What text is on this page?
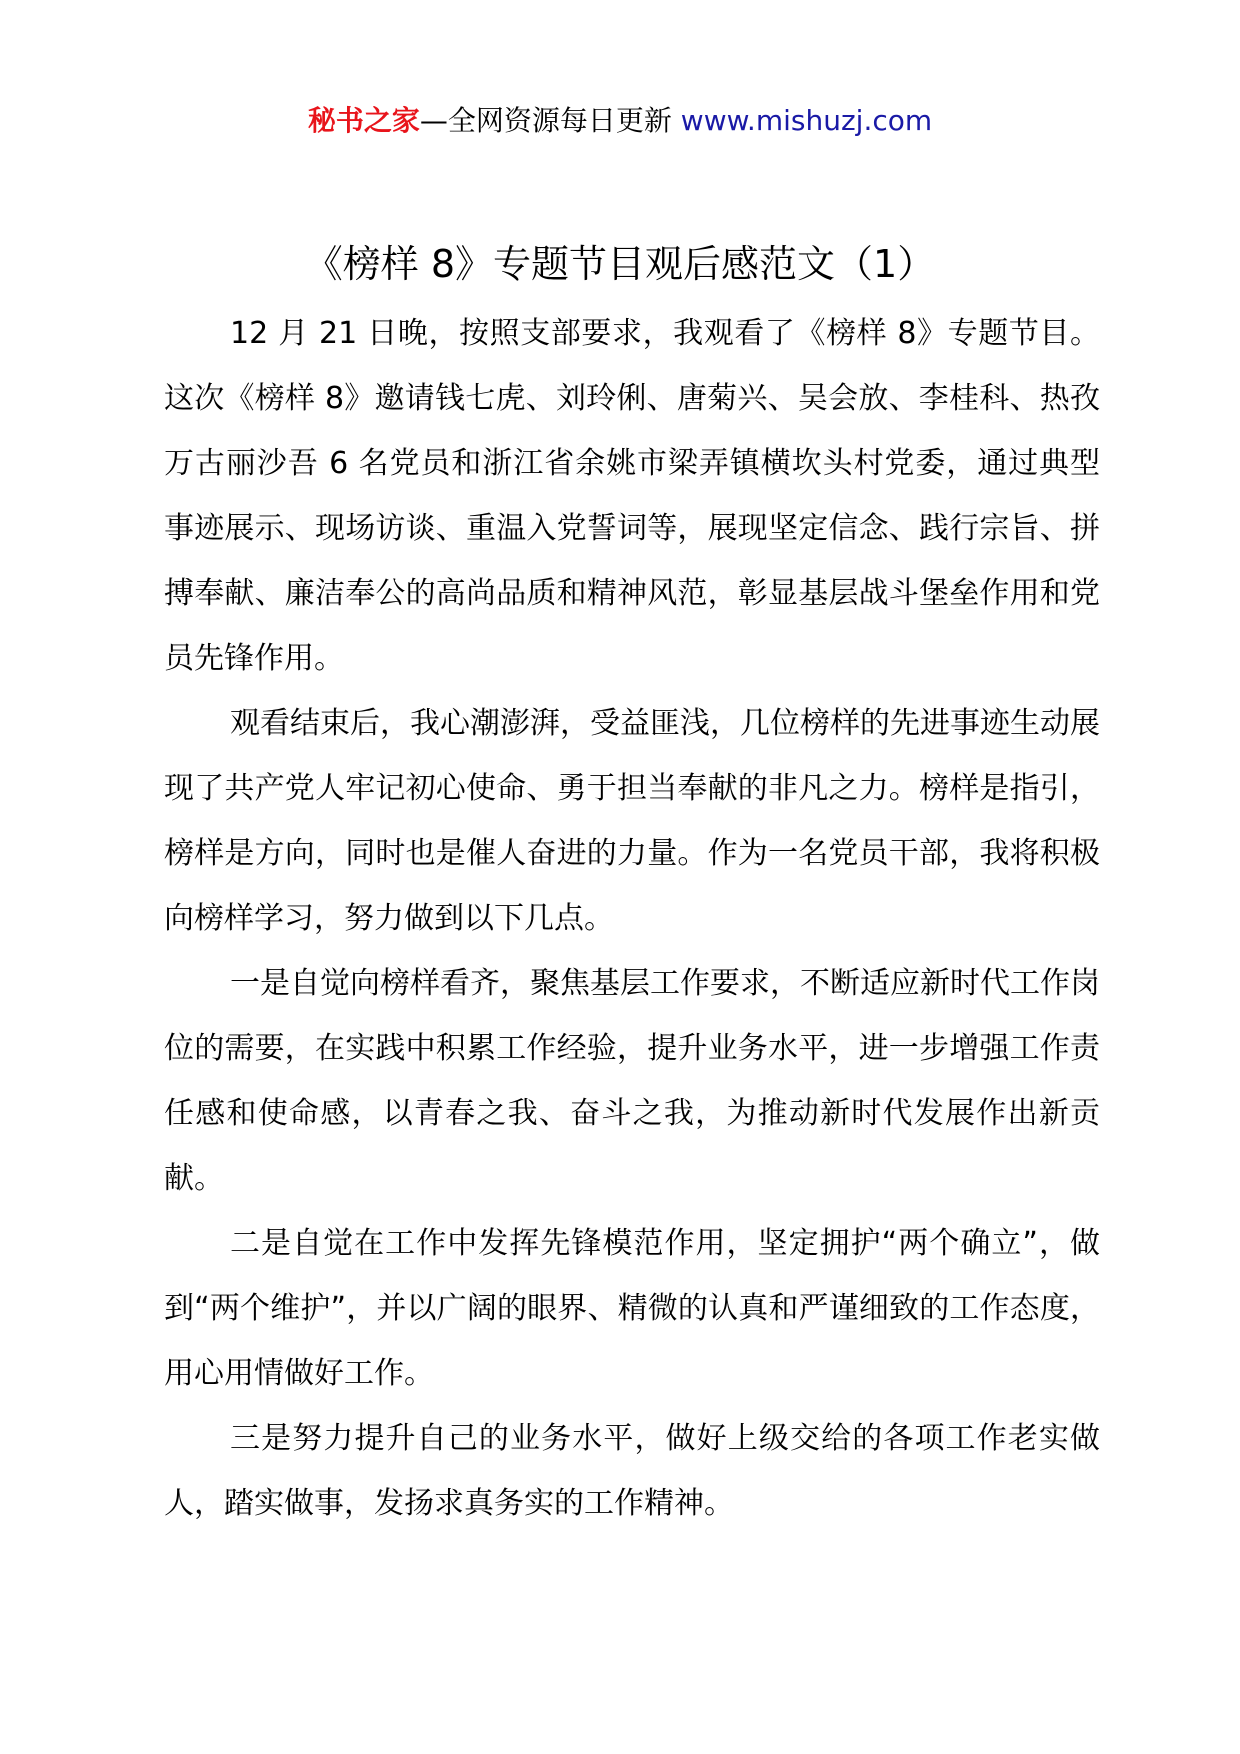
秘书之家—全网资源每日更新 www.mishuzj.com
《榜样 8》专题节目观后感范文（1）

12 月 21 日晚，按照支部要求，我观看了《榜样 8》专题节目。这次《榜样 8》邀请钱七虎、刘玲俐、唐菊兴、吴会放、李桂科、热孜万古丽沙吾 6 名党员和浙江省余姚市梁弄镇横坎头村党委，通过典型事迹展示、现场访谈、重温入党誓词等，展现坚定信念、践行宗旨、拼搏奉献、廉洁奉公的高尚品质和精神风范，彰显基层战斗堡垒作用和党员先锋作用。

观看结束后，我心潮澎湃，受益匪浅，几位榜样的先进事迹生动展现了共产党人牢记初心使命、勇于担当奉献的非凡之力。榜样是指引，榜样是方向，同时也是催人奋进的力量。作为一名党员干部，我将积极向榜样学习，努力做到以下几点。

一是自觉向榜样看齐，聚焦基层工作要求，不断适应新时代工作岗位的需要，在实践中积累工作经验，提升业务水平，进一步增强工作责任感和使命感，以青春之我、奋斗之我，为推动新时代发展作出新贡献。

二是自觉在工作中发挥先锋模范作用，坚定拥护“两个确立”，做到“两个维护”，并以广阔的眼界、精微的认真和严谨细致的工作态度，用心用情做好工作。

三是努力提升自己的业务水平，做好上级交给的各项工作老实做人，踏实做事，发扬求真务实的工作精神。
